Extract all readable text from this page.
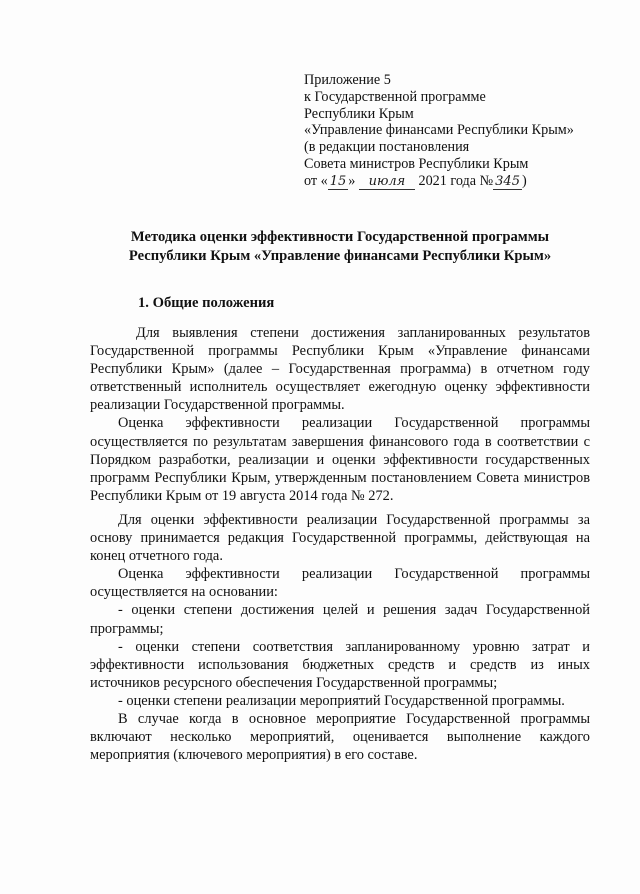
Приложение 5
к Государственной программе
Республики Крым
«Управление финансами Республики Крым»
(в редакции постановления
Совета министров Республики Крым
от « 15 » июля 2021 года № 345 )
Методика оценки эффективности Государственной программы
Республики Крым «Управление финансами Республики Крым»
1. Общие положения

Для выявления степени достижения запланированных результатов Государственной программы Республики Крым «Управление финансами Республики Крым» (далее – Государственная программа) в отчетном году ответственный исполнитель осуществляет ежегодную оценку эффективности реализации Государственной программы.

Оценка эффективности реализации Государственной программы осуществляется по результатам завершения финансового года в соответствии с Порядком разработки, реализации и оценки эффективности государственных программ Республики Крым, утвержденным постановлением Совета министров Республики Крым от 19 августа 2014 года № 272.

Для оценки эффективности реализации Государственной программы за основу принимается редакция Государственной программы, действующая на конец отчетного года.

Оценка эффективности реализации Государственной программы осуществляется на основании:

- оценки степени достижения целей и решения задач Государственной программы;

- оценки степени соответствия запланированному уровню затрат и эффективности использования бюджетных средств и средств из иных источников ресурсного обеспечения Государственной программы;

- оценки степени реализации мероприятий Государственной программы.

В случае когда в основное мероприятие Государственной программы включают несколько мероприятий, оценивается выполнение каждого мероприятия (ключевого мероприятия) в его составе.
